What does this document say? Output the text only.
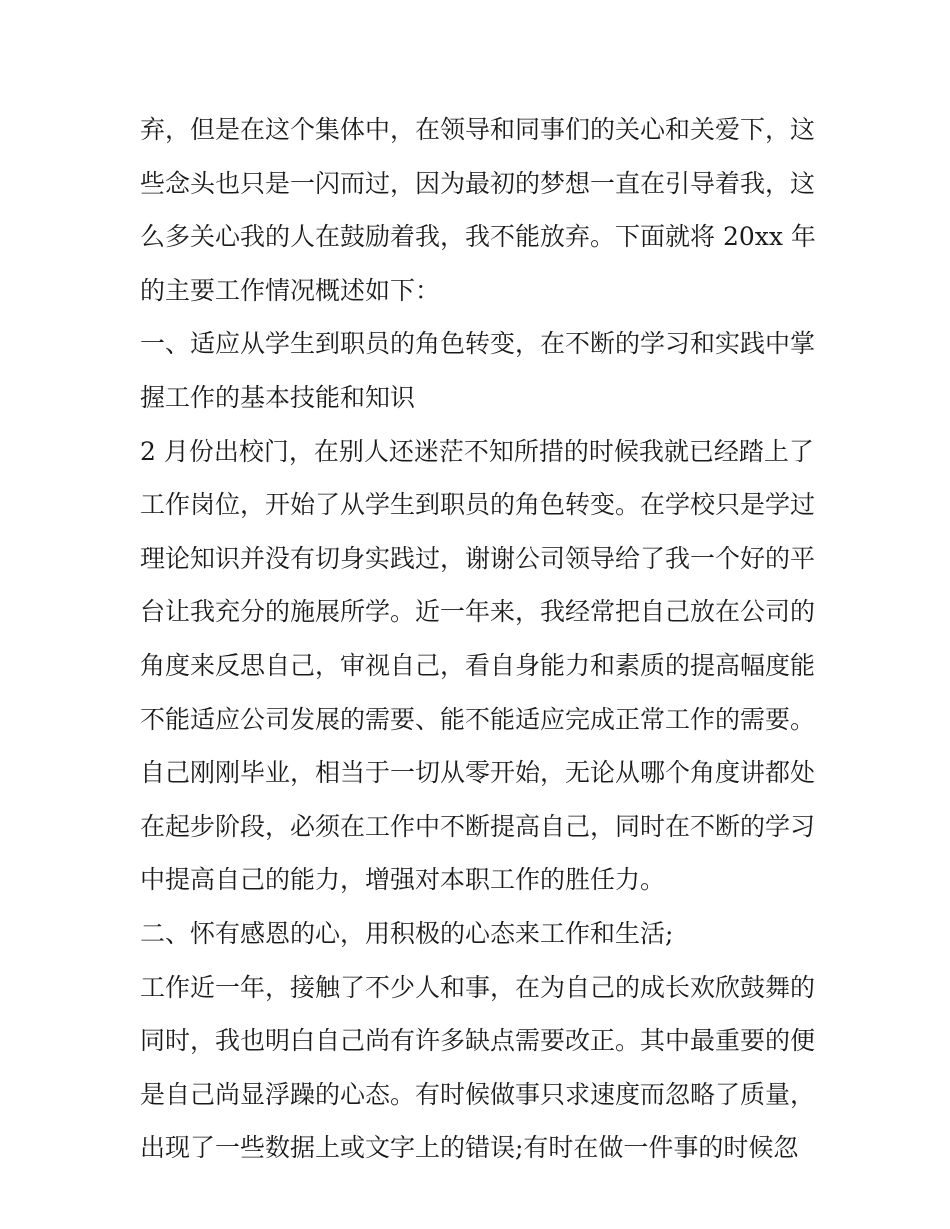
弃，但是在这个集体中，在领导和同事们的关心和关爱下，这
些念头也只是一闪而过，因为最初的梦想一直在引导着我，这
么多关心我的人在鼓励着我，我不能放弃。下面就将 20xx 年
的主要工作情况概述如下：
一、适应从学生到职员的角色转变，在不断的学习和实践中掌
握工作的基本技能和知识
2 月份出校门，在别人还迷茫不知所措的时候我就已经踏上了
工作岗位，开始了从学生到职员的角色转变。在学校只是学过
理论知识并没有切身实践过，谢谢公司领导给了我一个好的平
台让我充分的施展所学。近一年来，我经常把自己放在公司的
角度来反思自己，审视自己，看自身能力和素质的提高幅度能
不能适应公司发展的需要、能不能适应完成正常工作的需要。
自己刚刚毕业，相当于一切从零开始，无论从哪个角度讲都处
在起步阶段，必须在工作中不断提高自己，同时在不断的学习
中提高自己的能力，增强对本职工作的胜任力。
二、怀有感恩的心，用积极的心态来工作和生活;
工作近一年，接触了不少人和事，在为自己的成长欢欣鼓舞的
同时，我也明白自己尚有许多缺点需要改正。其中最重要的便
是自己尚显浮躁的心态。有时候做事只求速度而忽略了质量，
出现了一些数据上或文字上的错误;有时在做一件事的时候忽
